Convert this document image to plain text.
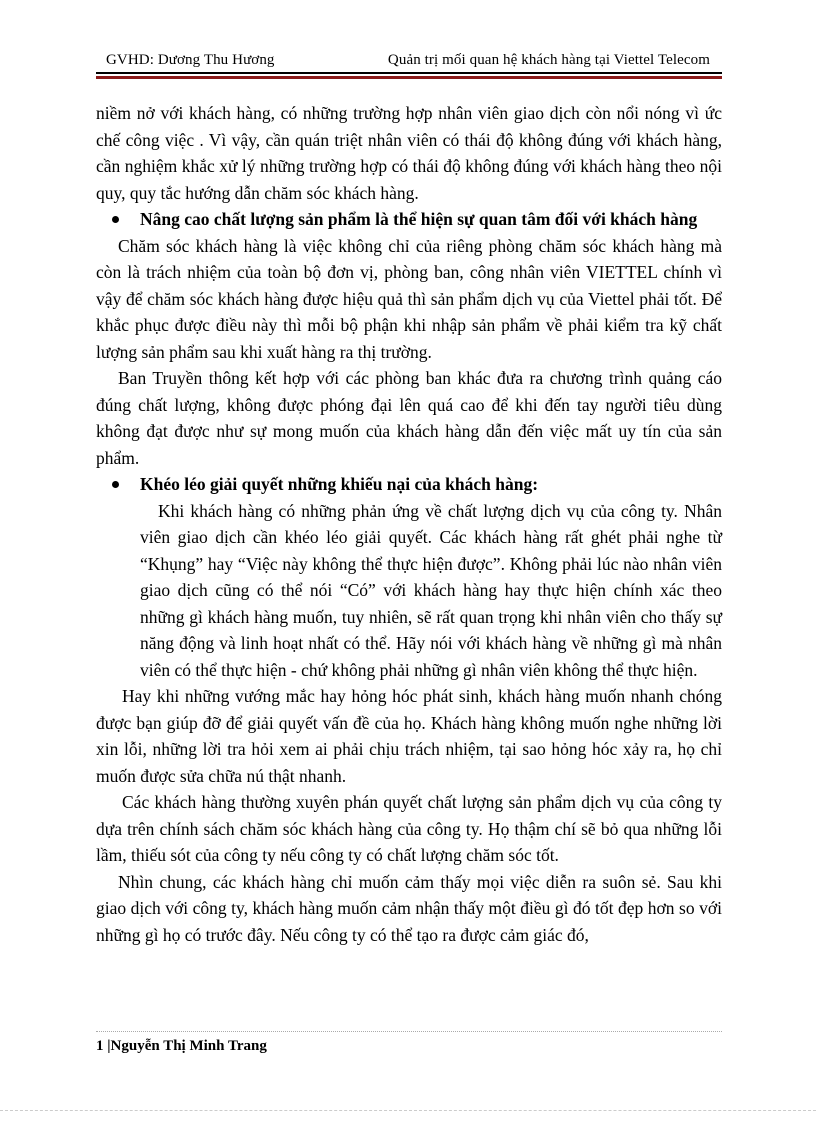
GVHD: Dương Thu Hương	Quản trị mối quan hệ khách hàng tại Viettel Telecom

niềm nở với khách hàng, có những trường hợp nhân viên giao dịch còn nổi nóng vì ức chế công việc . Vì vậy, cần quán triệt nhân viên có thái độ không đúng với khách hàng, cần nghiệm khắc xử lý những trường hợp có thái độ không đúng với khách hàng theo nội quy, quy tắc hướng dẫn chăm sóc khách hàng.

Nâng cao chất lượng sản phẩm là thể hiện sự quan tâm đối với khách hàng

Chăm sóc khách hàng là việc không chỉ của riêng phòng chăm sóc khách hàng mà còn là trách nhiệm của toàn bộ đơn vị, phòng ban, công nhân viên VIETTEL chính vì vậy để chăm sóc khách hàng được hiệu quả thì sản phẩm dịch vụ của Viettel phải tốt. Để khắc phục được điều này thì mỗi bộ phận khi nhập sản phẩm về phải kiểm tra kỹ chất lượng sản phẩm sau khi xuất hàng ra thị trường.

Ban Truyền thông kết hợp với các phòng ban khác đưa ra chương trình quảng cáo đúng chất lượng, không được phóng đại lên quá cao để khi đến tay người tiêu dùng không đạt được như sự mong muốn của khách hàng dẫn đến việc mất uy tín của sản phẩm.

Khéo léo giải quyết những khiếu nại của khách hàng:

Khi khách hàng có những phản ứng về chất lượng dịch vụ của công ty. Nhân viên giao dịch cần khéo léo giải quyết. Các khách hàng rất ghét phải nghe từ “Khụng” hay “Việc này không thể thực hiện được”. Không phải lúc nào nhân viên giao dịch cũng có thể nói “Có” với khách hàng hay thực hiện chính xác theo những gì khách hàng muốn, tuy nhiên, sẽ rất quan trọng khi nhân viên cho thấy sự năng động và linh hoạt nhất có thể. Hãy nói với khách hàng về những gì mà nhân viên có thể thực hiện - chứ không phải những gì nhân viên không thể thực hiện.

Hay khi những vướng mắc hay hỏng hóc phát sinh, khách hàng muốn nhanh chóng được bạn giúp đỡ để giải quyết vấn đề của họ. Khách hàng không muốn nghe những lời xin lỗi, những lời tra hỏi xem ai phải chịu trách nhiệm, tại sao hỏng hóc xảy ra, họ chỉ muốn được sửa chữa nú thật nhanh.

Các khách hàng thường xuyên phán quyết chất lượng sản phẩm dịch vụ của công ty dựa trên chính sách chăm sóc khách hàng của công ty. Họ thậm chí sẽ bỏ qua những lỗi lầm, thiếu sót của công ty nếu công ty có chất lượng chăm sóc tốt.

Nhìn chung, các khách hàng chỉ muốn cảm thấy mọi việc diễn ra suôn sẻ. Sau khi giao dịch với công ty, khách hàng muốn cảm nhận thấy một điều gì đó tốt đẹp hơn so với những gì họ có trước đây. Nếu công ty có thể tạo ra được cảm giác đó,

1 |Nguyễn Thị Minh Trang
